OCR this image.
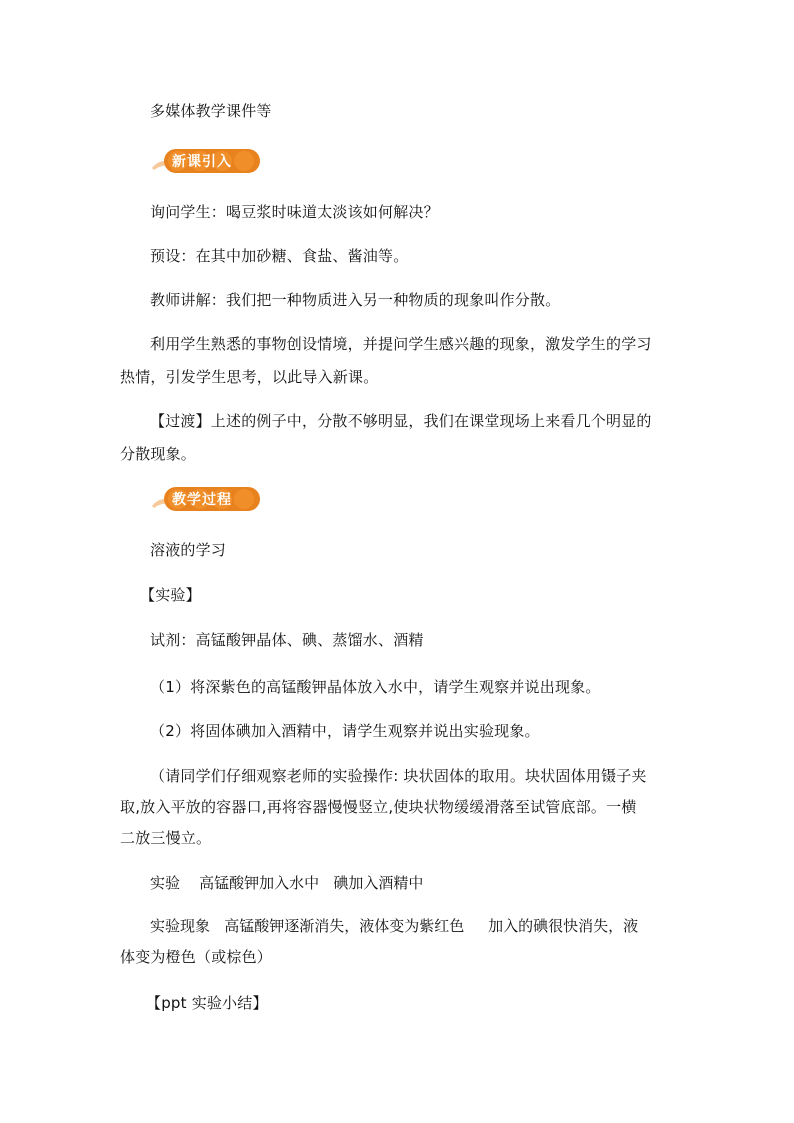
多媒体教学课件等

新课引入

询问学生：喝豆浆时味道太淡该如何解决？

预设：在其中加砂糖、食盐、酱油等。

教师讲解：我们把一种物质进入另一种物质的现象叫作分散。

利用学生熟悉的事物创设情境，并提问学生感兴趣的现象，激发学生的学习

热情，引发学生思考，以此导入新课。

【过渡】上述的例子中，分散不够明显，我们在课堂现场上来看几个明显的

分散现象。

教学过程

溶液的学习

【实验】

试剂：高锰酸钾晶体、碘、蒸馏水、酒精

（1）将深紫色的高锰酸钾晶体放入水中，请学生观察并说出现象。

（2）将固体碘加入酒精中，请学生观察并说出实验现象。

（请同学们仔细观察老师的实验操作: 块状固体的取用。块状固体用镊子夹

取,放入平放的容器口,再将容器慢慢竖立,使块状物缓缓滑落至试管底部。一横

二放三慢立。

实验    高锰酸钾加入水中   碘加入酒精中
实验现象   高锰酸钾逐渐消失，液体变为紫红色     加入的碘很快消失，液

体变为橙色（或棕色）

【ppt 实验小结】
